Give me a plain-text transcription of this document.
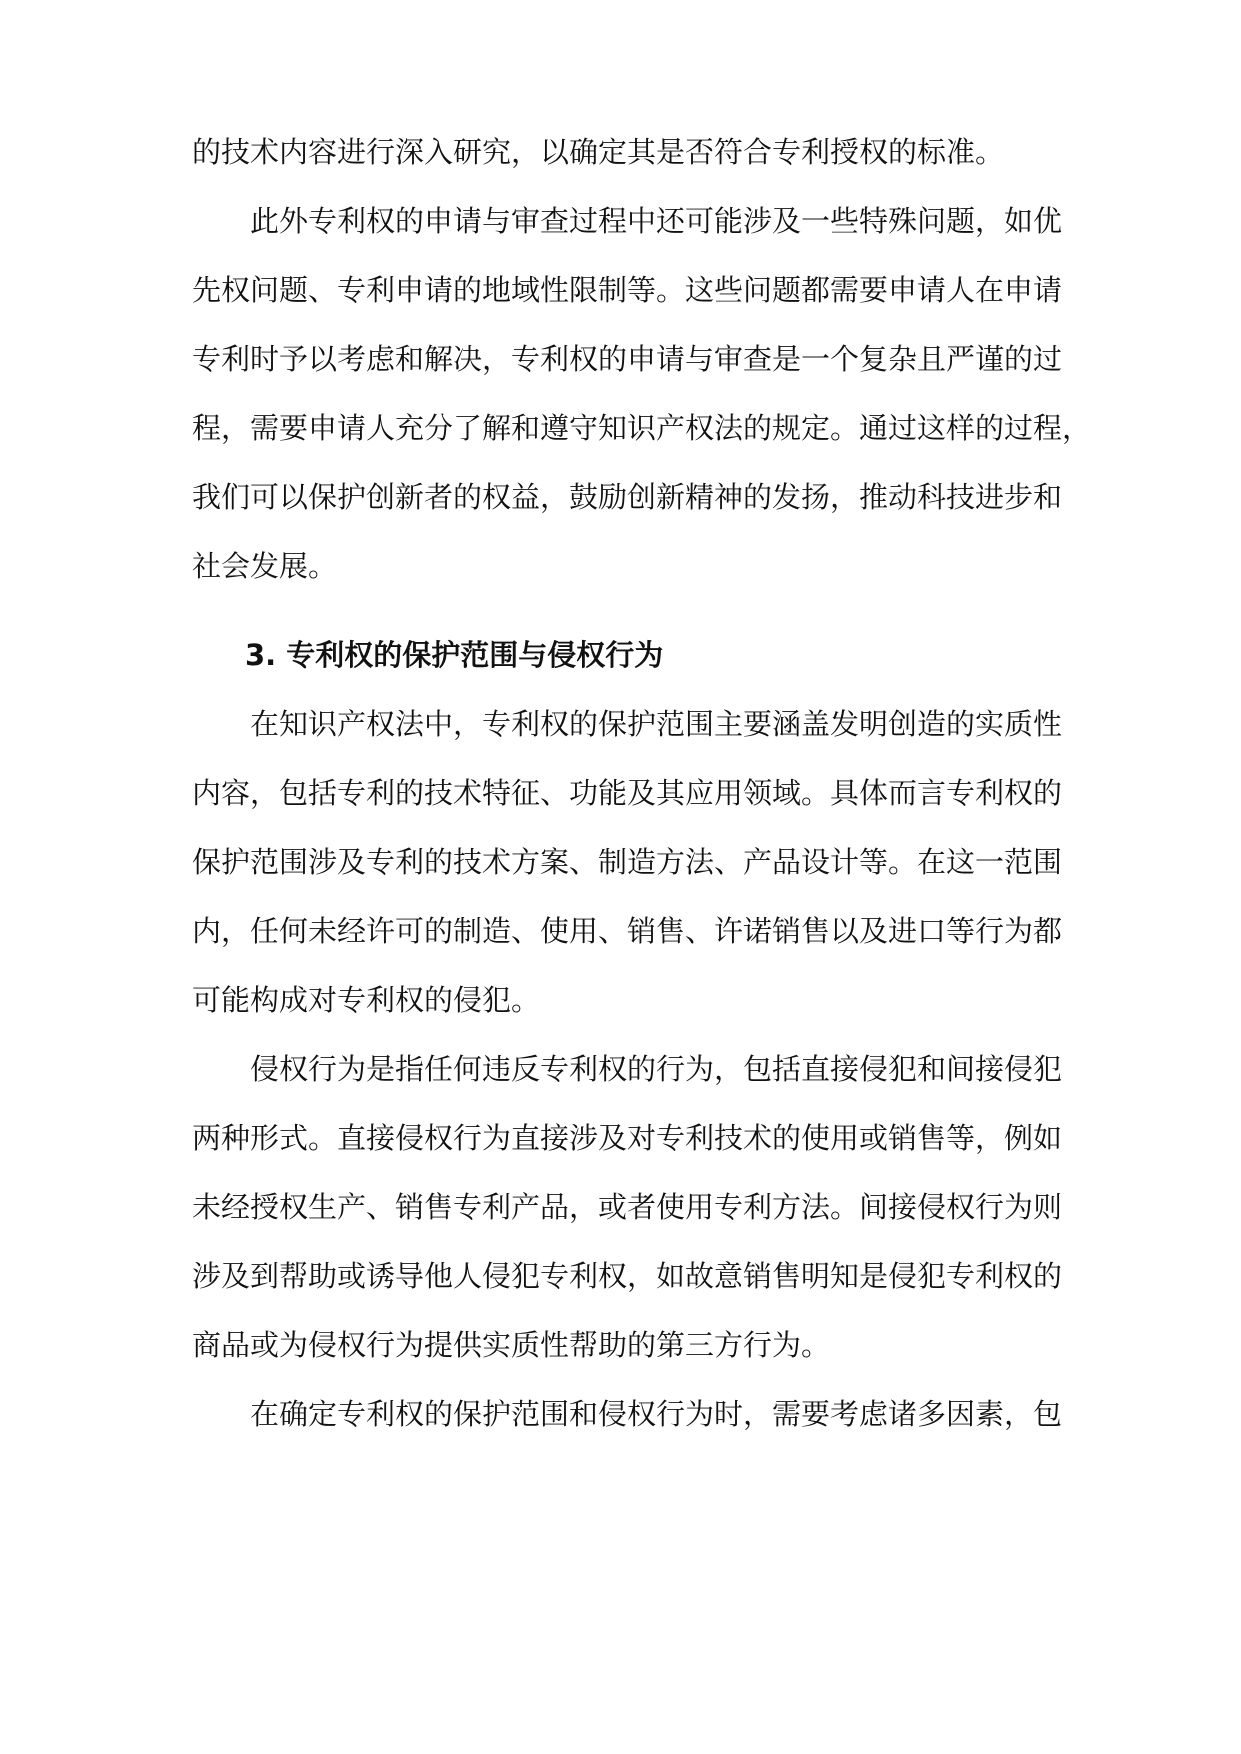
的技术内容进行深入研究，以确定其是否符合专利授权的标准。
此外专利权的申请与审查过程中还可能涉及一些特殊问题，如优
先权问题、专利申请的地域性限制等。这些问题都需要申请人在申请
专利时予以考虑和解决，专利权的申请与审查是一个复杂且严谨的过
程，需要申请人充分了解和遵守知识产权法的规定。通过这样的过程，
我们可以保护创新者的权益，鼓励创新精神的发扬，推动科技进步和
社会发展。
3. 专利权的保护范围与侵权行为
在知识产权法中，专利权的保护范围主要涵盖发明创造的实质性
内容，包括专利的技术特征、功能及其应用领域。具体而言专利权的
保护范围涉及专利的技术方案、制造方法、产品设计等。在这一范围
内，任何未经许可的制造、使用、销售、许诺销售以及进口等行为都
可能构成对专利权的侵犯。
侵权行为是指任何违反专利权的行为，包括直接侵犯和间接侵犯
两种形式。直接侵权行为直接涉及对专利技术的使用或销售等，例如
未经授权生产、销售专利产品，或者使用专利方法。间接侵权行为则
涉及到帮助或诱导他人侵犯专利权，如故意销售明知是侵犯专利权的
商品或为侵权行为提供实质性帮助的第三方行为。
在确定专利权的保护范围和侵权行为时，需要考虑诸多因素，包
